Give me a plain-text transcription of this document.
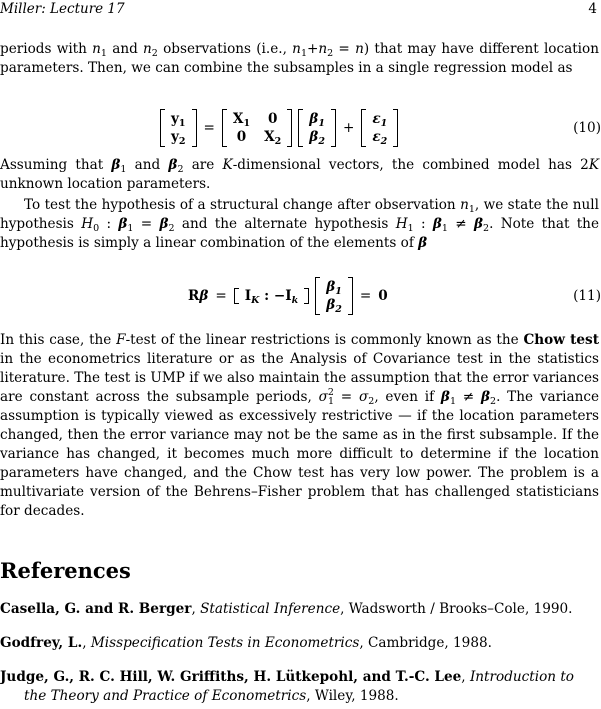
Miller: Lecture 17	4
periods with $n_1$ and $n_2$ observations (i.e., $n_1+n_2 = n$) that may have different location parameters. Then, we can combine the subsamples in a single regression model as
$y_1$
$y_2$
=
$X_1$ 0
0 $X_2$
$\beta_1$
$\beta_2$
+
$\varepsilon_1$
$\varepsilon_2$
(10)
Assuming that $\beta_1$ and $\beta_2$ are K-dimensional vectors, the combined model has 2K unknown location parameters.
To test the hypothesis of a structural change after observation $n_1$, we state the null hypothesis $H_0$ : $\beta_1 = \beta_2$ and the alternate hypothesis $H_1$ : $\beta_1 \ne \beta_2$. Note that the hypothesis is simply a linear combination of the elements of β
R β =	$I_K$ : $-I_k$
$\beta_1$
$\beta_2$
= 0	(11)
In this case, the F-test of the linear restrictions is commonly known as the Chow test in the econometrics literature or as the Analysis of Covariance test in the statistics literature. The test is UMP if we also maintain the assumption that the error variances are constant across the subsample periods, $\sigma^2_1 = \sigma_2$, even if $\beta_1 \ne \beta_2$. The variance assumption is typically viewed as excessively restrictive — if the location parameters changed, then the error variance may not be the same as in the first subsample. If the variance has changed, it becomes much more difficult to determine if the location parameters have changed, and the Chow test has very low power. The problem is a multivariate version of the Behrens–Fisher problem that has challenged statisticians for decades.
References
Casella, G. and R. Berger, Statistical Inference, Wadsworth / Brooks–Cole, 1990.
Godfrey, L., Misspecification Tests in Econometrics, Cambridge, 1988.
Judge, G., R. C. Hill, W. Griffiths, H. Lütkepohl, and T.-C. Lee, Introduction to the Theory and Practice of Econometrics, Wiley, 1988.
